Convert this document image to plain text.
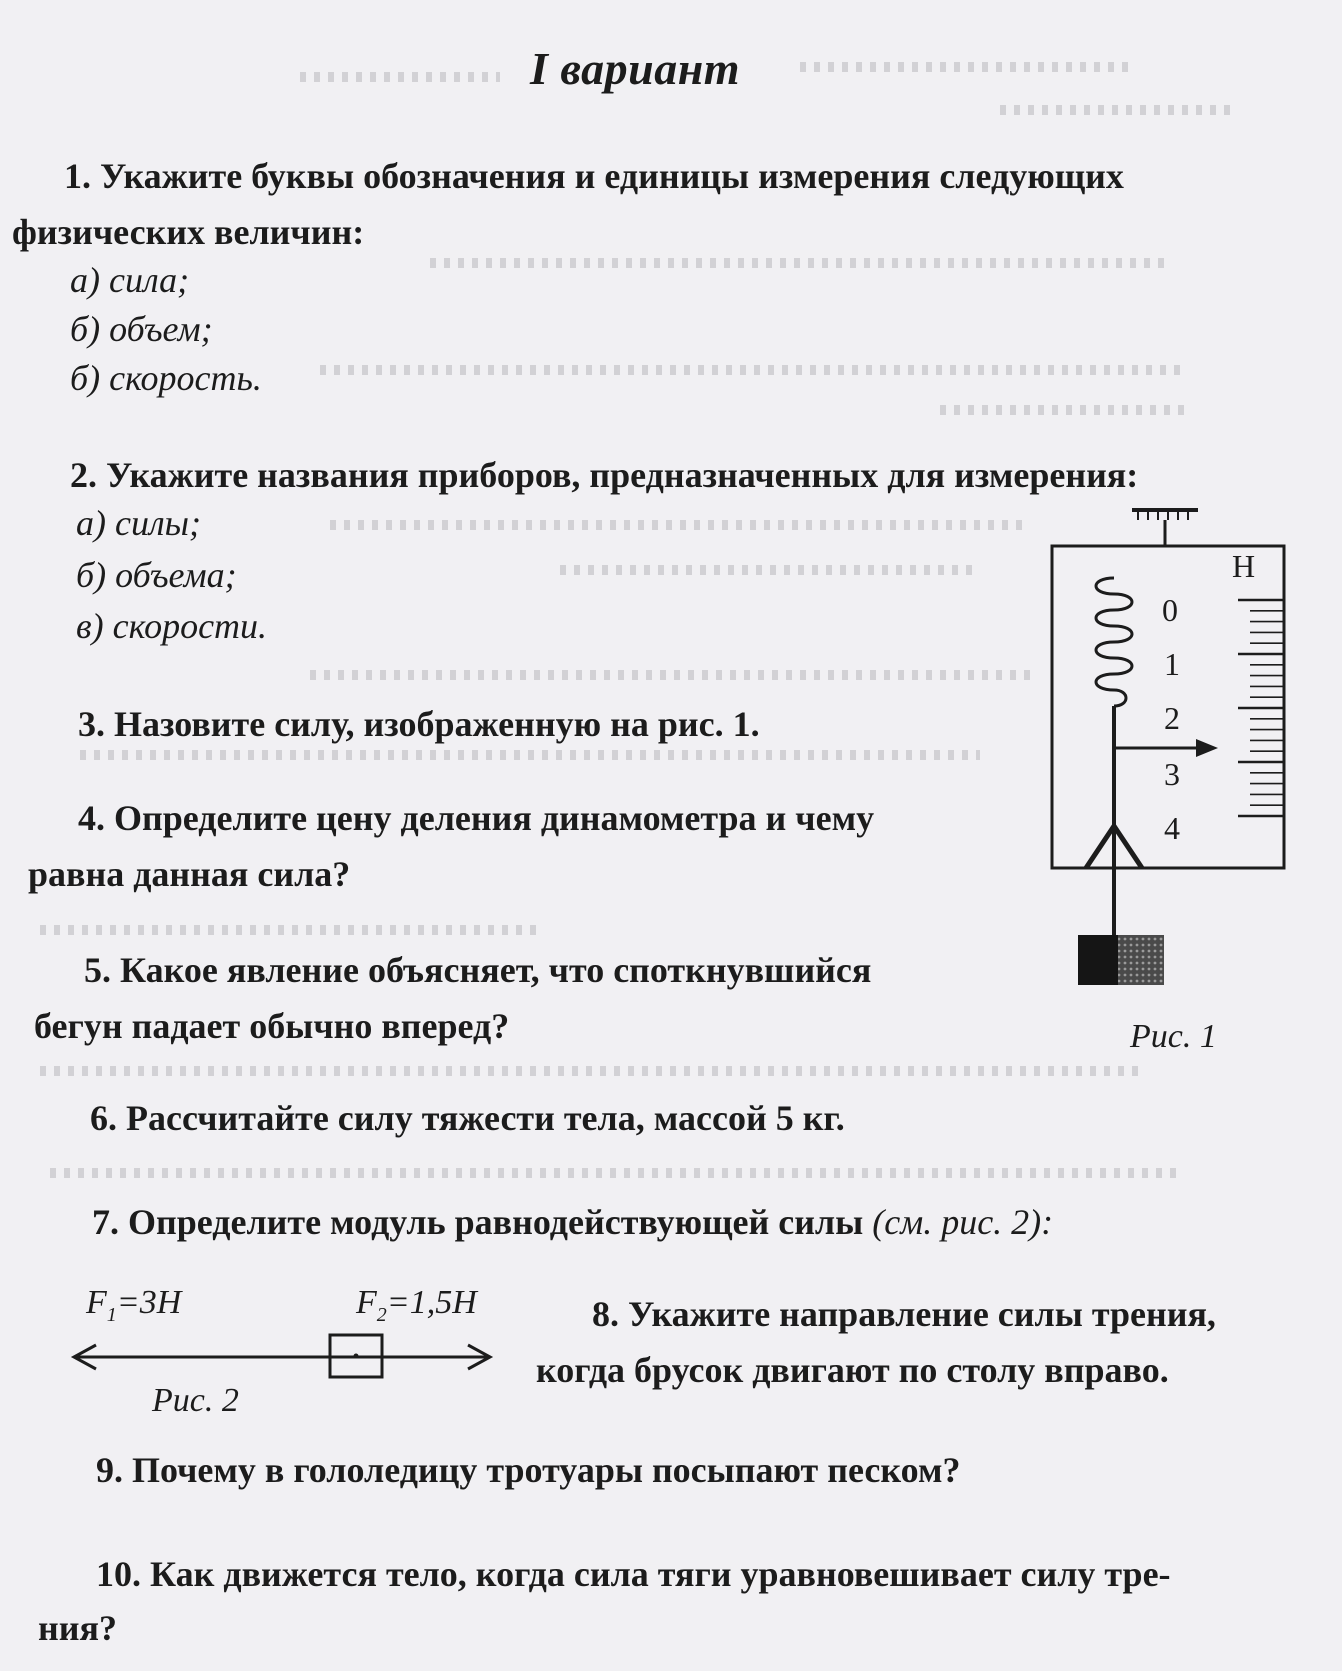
I вариант
1. Укажите буквы обозначения и единицы измерения следующих
физических величин:
а) сила;
б) объем;
б) скорость.
2. Укажите названия приборов, предназначенных для измерения:
а) силы;
б) объема;
в) скорости.
3. Назовите силу, изображенную на рис. 1.
4. Определите цену деления динамометра и чему
равна данная сила?
5. Какое явление объясняет, что споткнувшийся
бегун падает обычно вперед?
Н
0
1
2
3
4
Рис. 1
6. Рассчитайте силу тяжести тела, массой 5 кг.
7. Определите модуль равнодействующей силы (см. рис. 2):
$F_1=3Н$	$F_2=1,5Н$
Рис. 2
8. Укажите направление силы трения,
когда брусок двигают по столу вправо.
9. Почему в гололедицу тротуары посыпают песком?
10. Как движется тело, когда сила тяги уравновешивает силу тре-
ния?
